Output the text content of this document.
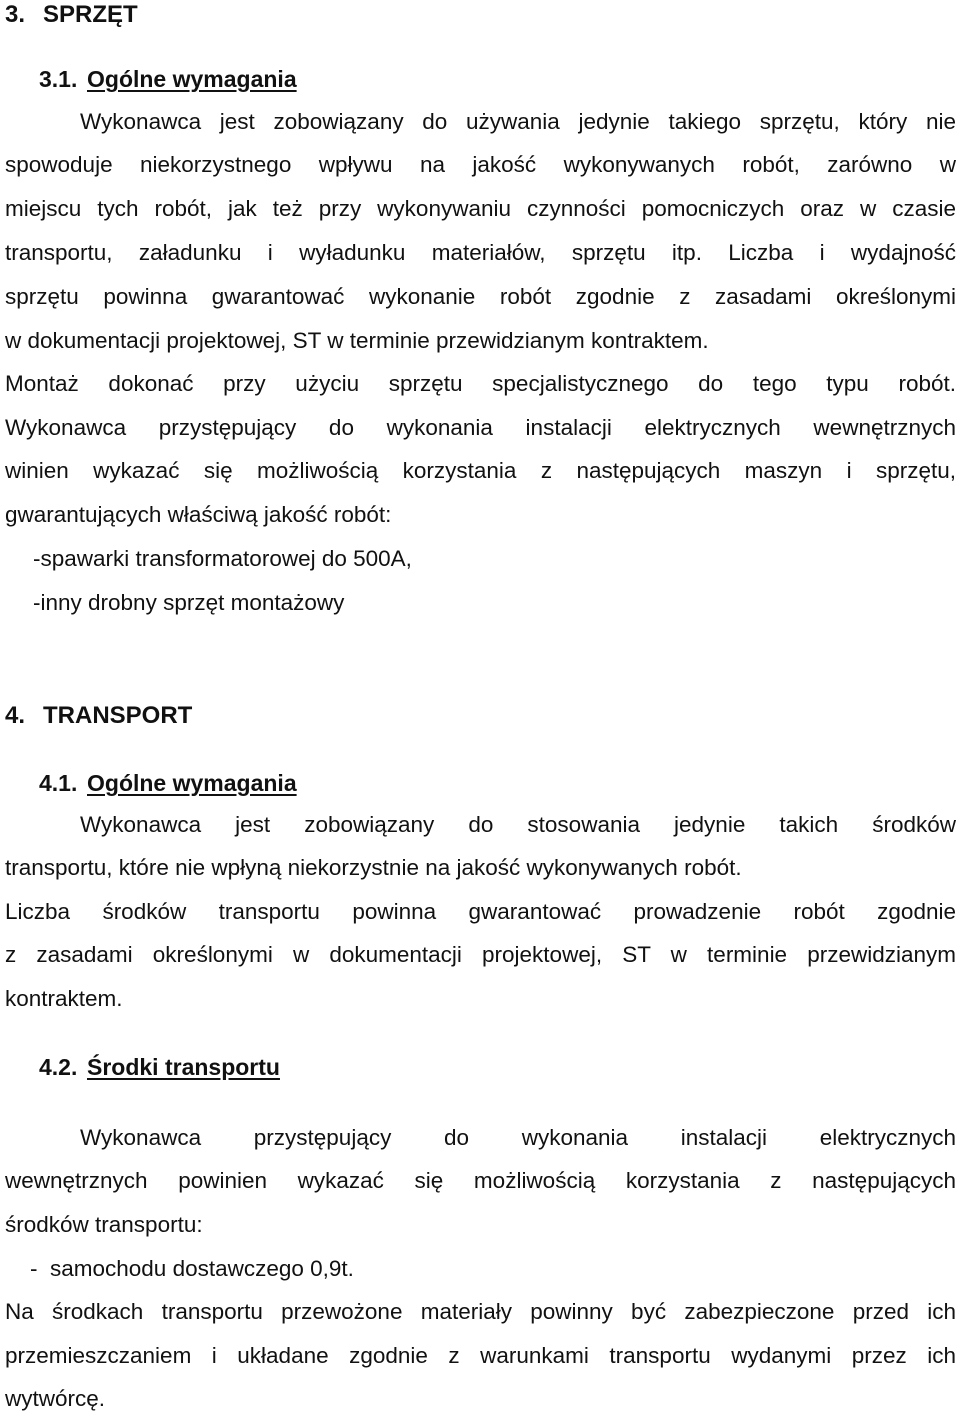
3. SPRZĘT
3.1. Ogólne wymagania
Wykonawca jest zobowiązany do używania jedynie takiego sprzętu, który nie
spowoduje niekorzystnego wpływu na jakość wykonywanych robót, zarówno w
miejscu tych robót, jak też przy wykonywaniu czynności pomocniczych oraz w czasie
transportu, załadunku i wyładunku materiałów, sprzętu itp. Liczba i wydajność
sprzętu powinna gwarantować wykonanie robót zgodnie z zasadami określonymi
w dokumentacji projektowej, ST w terminie przewidzianym kontraktem.
Montaż dokonać przy użyciu sprzętu specjalistycznego do tego typu robót.
Wykonawca przystępujący do wykonania instalacji elektrycznych wewnętrznych
winien wykazać się możliwością korzystania z następujących maszyn i sprzętu,
gwarantujących właściwą jakość robót:
-spawarki transformatorowej do 500A,
-inny drobny sprzęt montażowy
4. TRANSPORT
4.1. Ogólne wymagania
Wykonawca jest zobowiązany do stosowania jedynie takich środków
transportu, które nie wpłyną niekorzystnie na jakość wykonywanych robót.
Liczba środków transportu powinna gwarantować prowadzenie robót zgodnie
z zasadami określonymi w dokumentacji projektowej, ST w terminie przewidzianym
kontraktem.
4.2. Środki transportu
Wykonawca przystępujący do wykonania instalacji elektrycznych
wewnętrznych powinien wykazać się możliwością korzystania z następujących
środków transportu:
-  samochodu dostawczego 0,9t.
Na środkach transportu przewożone materiały powinny być zabezpieczone przed ich
przemieszczaniem i układane zgodnie z warunkami transportu wydanymi przez ich
wytwórcę.
